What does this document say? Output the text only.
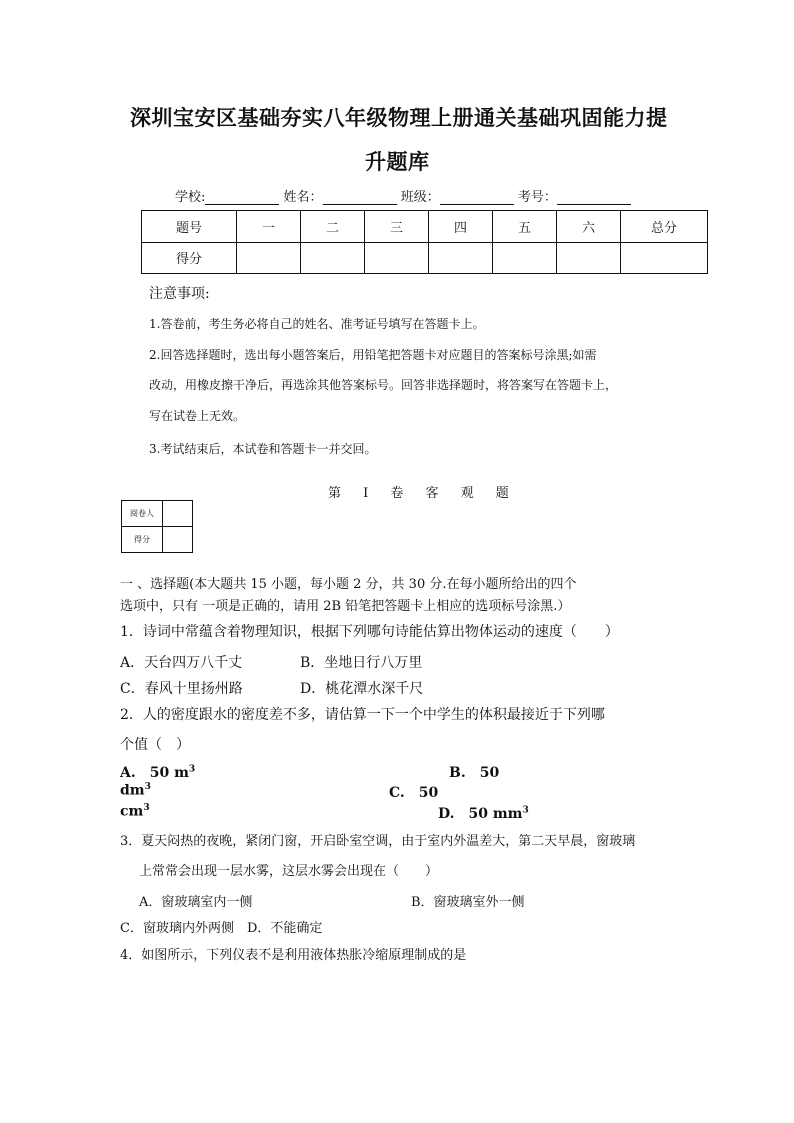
深圳宝安区基础夯实八年级物理上册通关基础巩固能力提
升题库
学校:	姓名：	班级：	考号：
题号	一	二	三	四	五	六	总分
得分							
注意事项:
1.答卷前，考生务必将自己的姓名、准考证号填写在答题卡上。
2.回答选择题时，选出每小题答案后，用铅笔把答题卡对应题目的答案标号涂黑;如需
改动，用橡皮擦干净后，再选涂其他答案标号。回答非选择题时，将答案写在答题卡上，
写在试卷上无效。
3.考试结束后，本试卷和答题卡一并交回。
第 I 卷 客 观 题
阅卷人	
得分	
一 、选择题(本大题共 15 小题，每小题 2 分，共 30 分.在每小题所给出的四个
选项中，只有 一项是正确的，请用 2B 铅笔把答题卡上相应的选项标号涂黑.）
1．诗词中常蕴含着物理知识，根据下列哪句诗能估算出物体运动的速度（　　）
A．天台四万八千丈	B．坐地日行八万里
C．春风十里扬州路	D．桃花潭水深千尺
2．人的密度跟水的密度差不多，请估算一下一个中学生的体积最接近于下列哪
个值（　）
A.　50 $m^3$	B.　50
$dm^3$	C.　50
$cm^3$	D.　50 $mm^3$
3．夏天闷热的夜晚，紧闭门窗，开启卧室空调，由于室内外温差大，第二天早晨，窗玻璃
上常常会出现一层水雾，这层水雾会出现在（　　）
A．窗玻璃室内一侧	B．窗玻璃室外一侧
C．窗玻璃内外两侧　D．不能确定
4．如图所示，下列仪表不是利用液体热胀冷缩原理制成的是
